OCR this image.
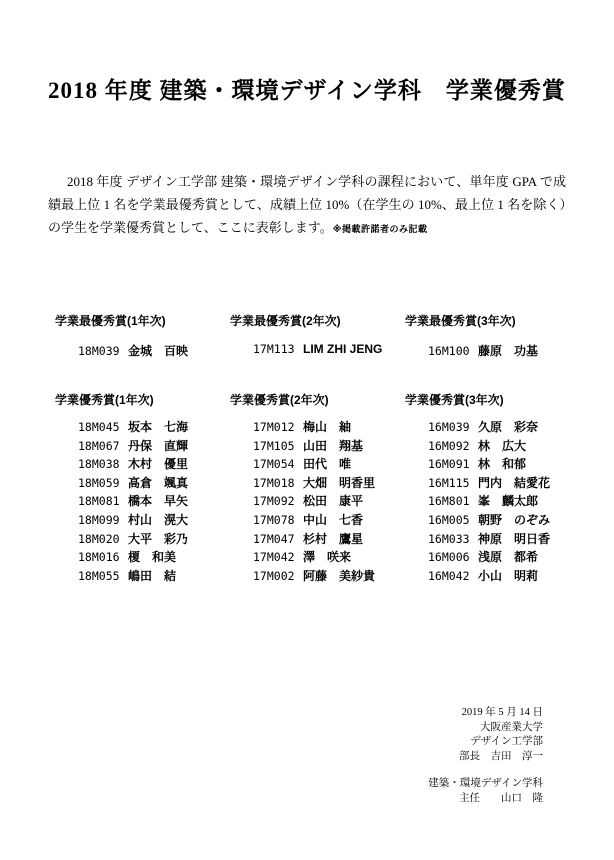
2018 年度 建築・環境デザイン学科　学業優秀賞

2018 年度 デザイン工学部 建築・環境デザイン学科の課程において、単年度 GPA で成績最上位 1 名を学業最優秀賞として、成績上位 10%（在学生の 10%、最上位 1 名を除く）の学生を学業優秀賞として、ここに表彰します。※掲載許諾者のみ記載

学業最優秀賞(1年次)
18M039 金城　百映
学業最優秀賞(2年次)
17M113 LIM ZHI JENG
学業最優秀賞(3年次)
16M100 藤原　功基
学業優秀賞(1年次)
18M045 坂本　七海
18M067 丹保　直輝
18M038 木村　優里
18M059 高倉　颯真
18M081 橋本　早矢
18M099 村山　滉大
18M020 大平　彩乃
18M016 榎　和美
18M055 嶋田　結
学業優秀賞(2年次)
17M012 梅山　紬
17M105 山田　翔基
17M054 田代　唯
17M018 大畑　明香里
17M092 松田　康平
17M078 中山　七香
17M047 杉村　鷹星
17M042 澤　咲来
17M002 阿藤　美紗貴
学業優秀賞(3年次)
16M039 久原　彩奈
16M092 林　広大
16M091 林　和郁
16M115 門内　結愛花
16M801 峯　麟太郎
16M005 朝野　のぞみ
16M033 神原　明日香
16M006 浅原　都希
16M042 小山　明莉
2019 年 5 月 14 日
大阪産業大学
デザイン工学部
部長　吉田　淳一
建築・環境デザイン学科
主任　　山口　隆
